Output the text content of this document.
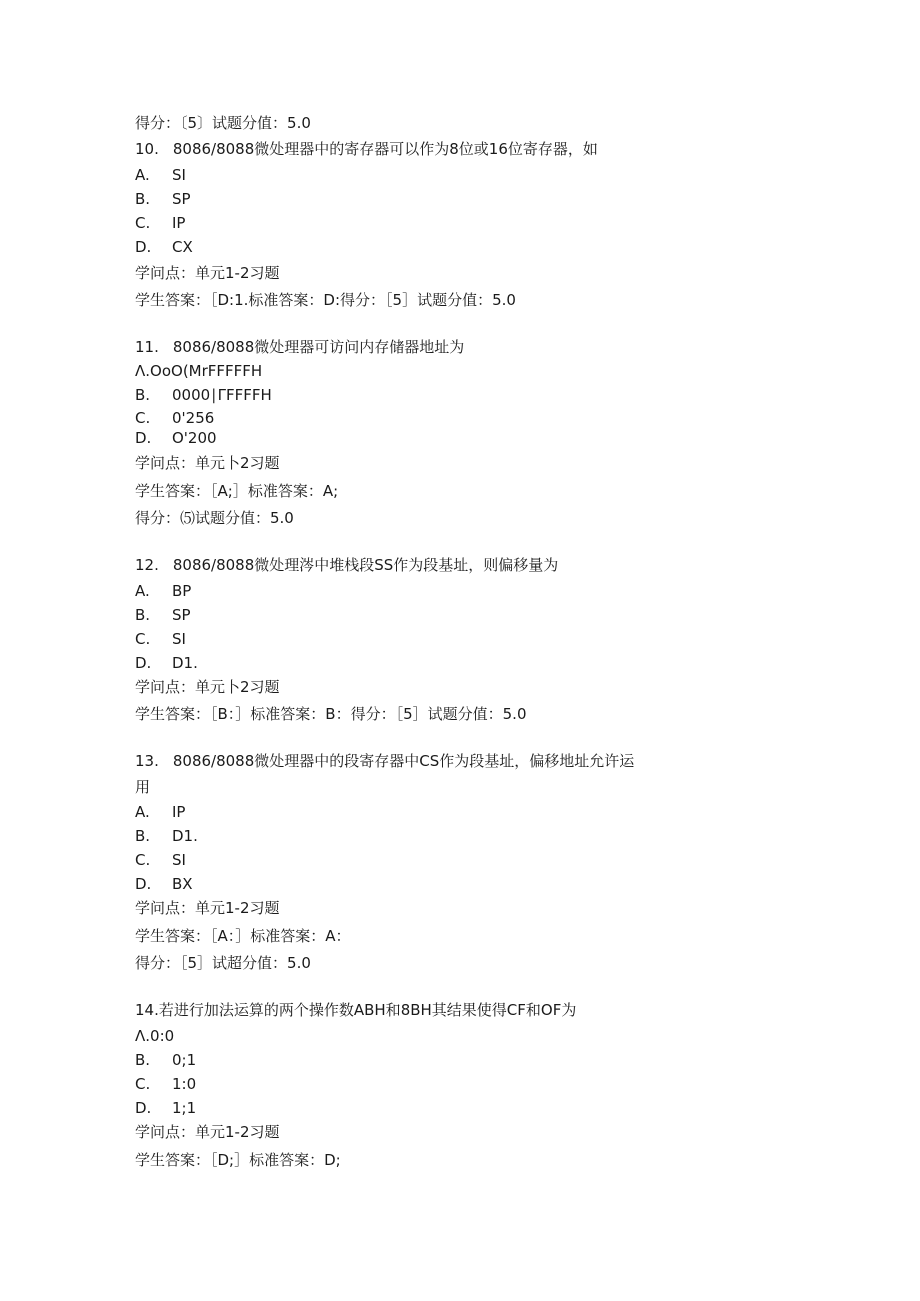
得分：〔5〕试题分值：5.0
10. 8086/8088微处理器中的寄存器可以作为8位或16位寄存器，如
A. SI
B. SP
C. IP
D. CX
学问点：单元1-2习题
学生答案：［D:1.标准答案：D:得分：［5］试题分值：5.0
11. 8086/8088微处理器可访问内存储器地址为
Λ.OoO(MrFFFFFH
B. 0000∣ΓFFFFH
C. 0'256
D. O'200
学问点：单元卜2习题
学生答案：［A;］标准答案：A;
得分：⑸试题分值：5.0
12. 8086/8088微处理涔中堆栈段SS作为段基址，则偏移量为
A. BP
B. SP
C. SI
D. D1.
学问点：单元卜2习题
学生答案：［B：］标准答案：B：得分：［5］试题分值：5.0
13. 8086/8088微处理器中的段寄存器中CS作为段基址，偏移地址允许运
用
A. IP
B. D1.
C. SI
D. BX
学问点：单元1-2习题
学生答案：［A：］标准答案：A：
得分：［5］试超分值：5.0
14.若进行加法运算的两个操作数ABH和8BH其结果使得CF和OF为
Λ.0:0
B. 0;1
C. 1:0
D. 1;1
学问点：单元1-2习题
学生答案：［D;］标准答案：D;
